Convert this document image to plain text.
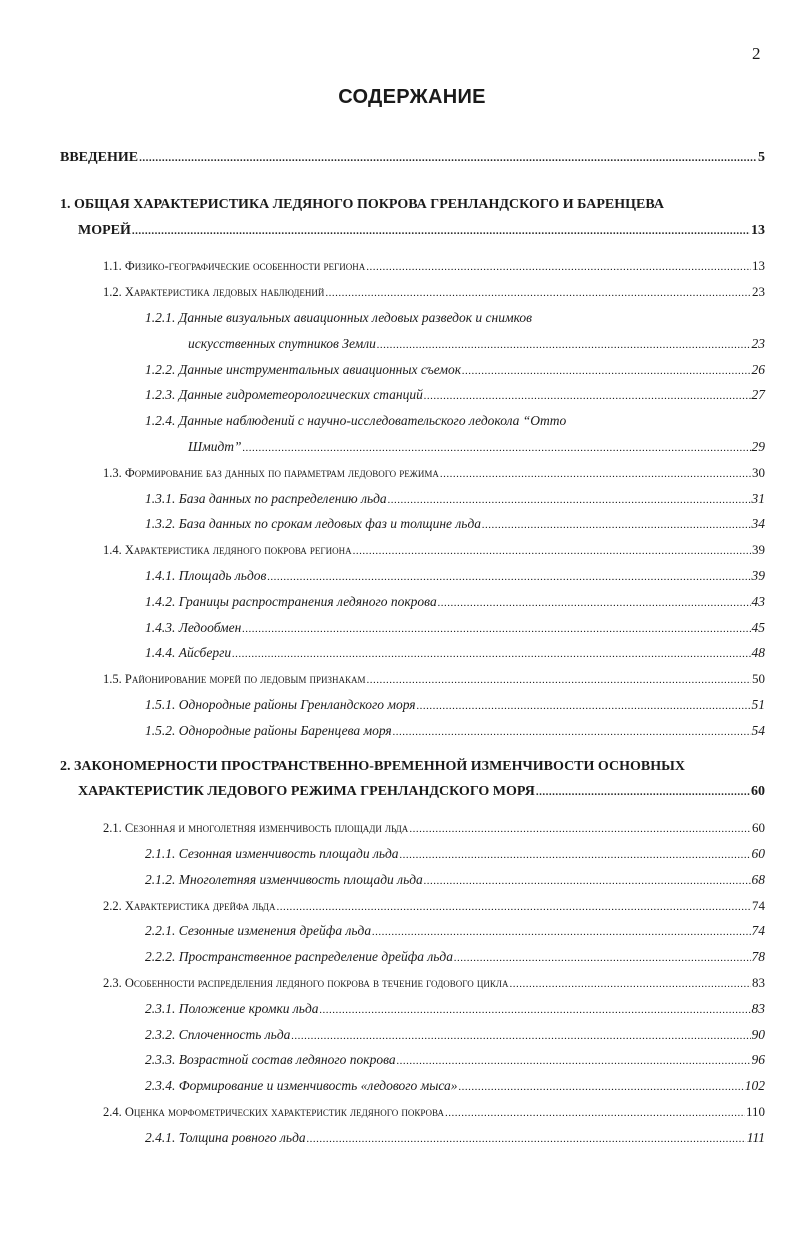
2
СОДЕРЖАНИЕ
ВВЕДЕНИЕ .....	5
1. ОБЩАЯ ХАРАКТЕРИСТИКА ЛЕДЯНОГО ПОКРОВА ГРЕНЛАНДСКОГО И БАРЕНЦЕВА
МОРЕЙ .....	13
1.1. Физико-географические особенности региона .....	13
1.2. Характеристика ледовых наблюдений .....	23
1.2.1. Данные визуальных авиационных ледовых разведок и снимков
искусственных спутников Земли .....	23
1.2.2. Данные инструментальных авиационных съемок .....	26
1.2.3. Данные гидрометеорологических станций .....	27
1.2.4. Данные наблюдений с научно-исследовательского ледокола “Отто
Шмидт” .....	29
1.3. Формирование баз данных по параметрам ледового режима .....	30
1.3.1. База данных по распределению льда .....	31
1.3.2. База данных по срокам ледовых фаз и толщине льда .....	34
1.4. Характеристика ледяного покрова региона .....	39
1.4.1. Площадь льдов .....	39
1.4.2. Границы распространения ледяного покрова .....	43
1.4.3. Ледообмен .....	45
1.4.4. Айсберги .....	48
1.5. Районирование морей по ледовым признакам .....	50
1.5.1. Однородные районы Гренландского моря .....	51
1.5.2. Однородные районы Баренцева моря .....	54
2. ЗАКОНОМЕРНОСТИ ПРОСТРАНСТВЕННО-ВРЕМЕННОЙ ИЗМЕНЧИВОСТИ ОСНОВНЫХ
ХАРАКТЕРИСТИК ЛЕДОВОГО РЕЖИМА ГРЕНЛАНДСКОГО МОРЯ .....	60
2.1. Сезонная и многолетняя изменчивость площади льда .....	60
2.1.1. Сезонная изменчивость площади льда .....	60
2.1.2. Многолетняя изменчивость площади льда .....	68
2.2. Характеристика дрейфа льда .....	74
2.2.1. Сезонные изменения дрейфа льда .....	74
2.2.2. Пространственное распределение дрейфа льда .....	78
2.3. Особенности распределения ледяного покрова в течение годового цикла .....	83
2.3.1. Положение кромки льда .....	83
2.3.2. Сплоченность льда .....	90
2.3.3. Возрастной состав ледяного покрова .....	96
2.3.4. Формирование и изменчивость «ледового мыса» .....	102
2.4. Оценка морфометрических характеристик ледяного покрова .....	110
2.4.1. Толщина ровного льда .....	111
